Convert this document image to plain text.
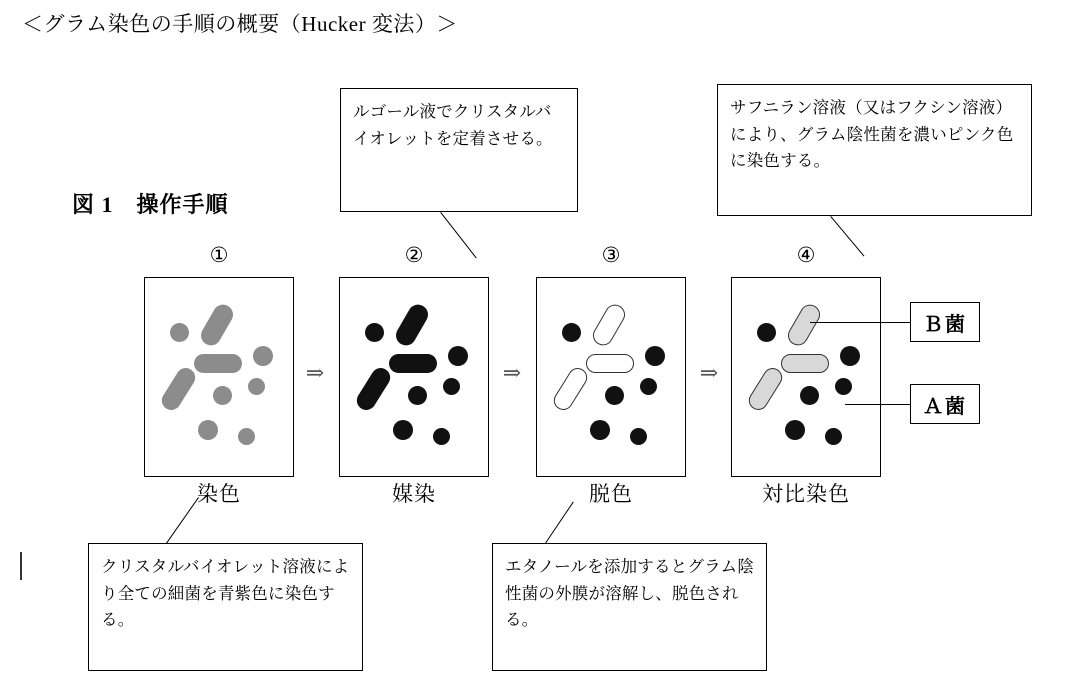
＜グラム染色の手順の概要（Hucker 変法）＞
図 1　操作手順
ルゴール液でクリスタルバイオレットを定着させる。
サフニラン溶液（又はフクシン溶液）により、グラム陰性菌を濃いピンク色に染色する。
クリスタルバイオレット溶液により全ての細菌を青紫色に染色する。
エタノールを添加するとグラム陰性菌の外膜が溶解し、脱色される。
①
染色
⇒
②
媒染
⇒
③
脱色
⇒
④
対比染色
Ｂ菌
Ａ菌
